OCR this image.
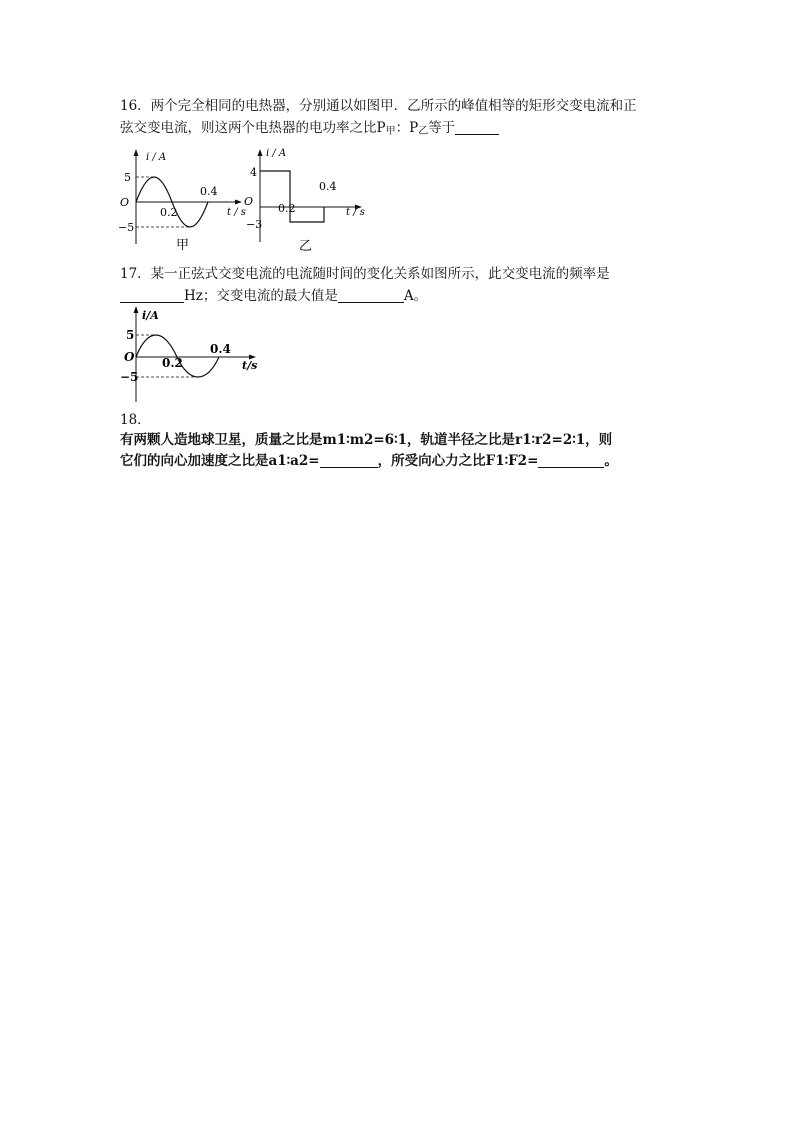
16．两个完全相同的电热器，分别通以如图甲．乙所示的峰值相等的矩形交变电流和正
弦交变电流，则这两个电热器的电功率之比$P_甲$：$P_乙$等于
i / A
t / s
O
5
−5
0.2
0.4
甲
i / A
t / s
O
4
−3
0.2
0.4
乙
17．某一正弦式交变电流的电流随时间的变化关系如图所示，此交变电流的频率是
Hz；交变电流的最大值是	A。
i/A
t/s
O
5
−5
0.2
0.4
18．
有两颗人造地球卫星，质量之比是m1∶m2=6∶1，轨道半径之比是r1∶r2=2∶1，则
它们的向心加速度之比是a1∶a2=	，所受向心力之比F1∶F2=	。
